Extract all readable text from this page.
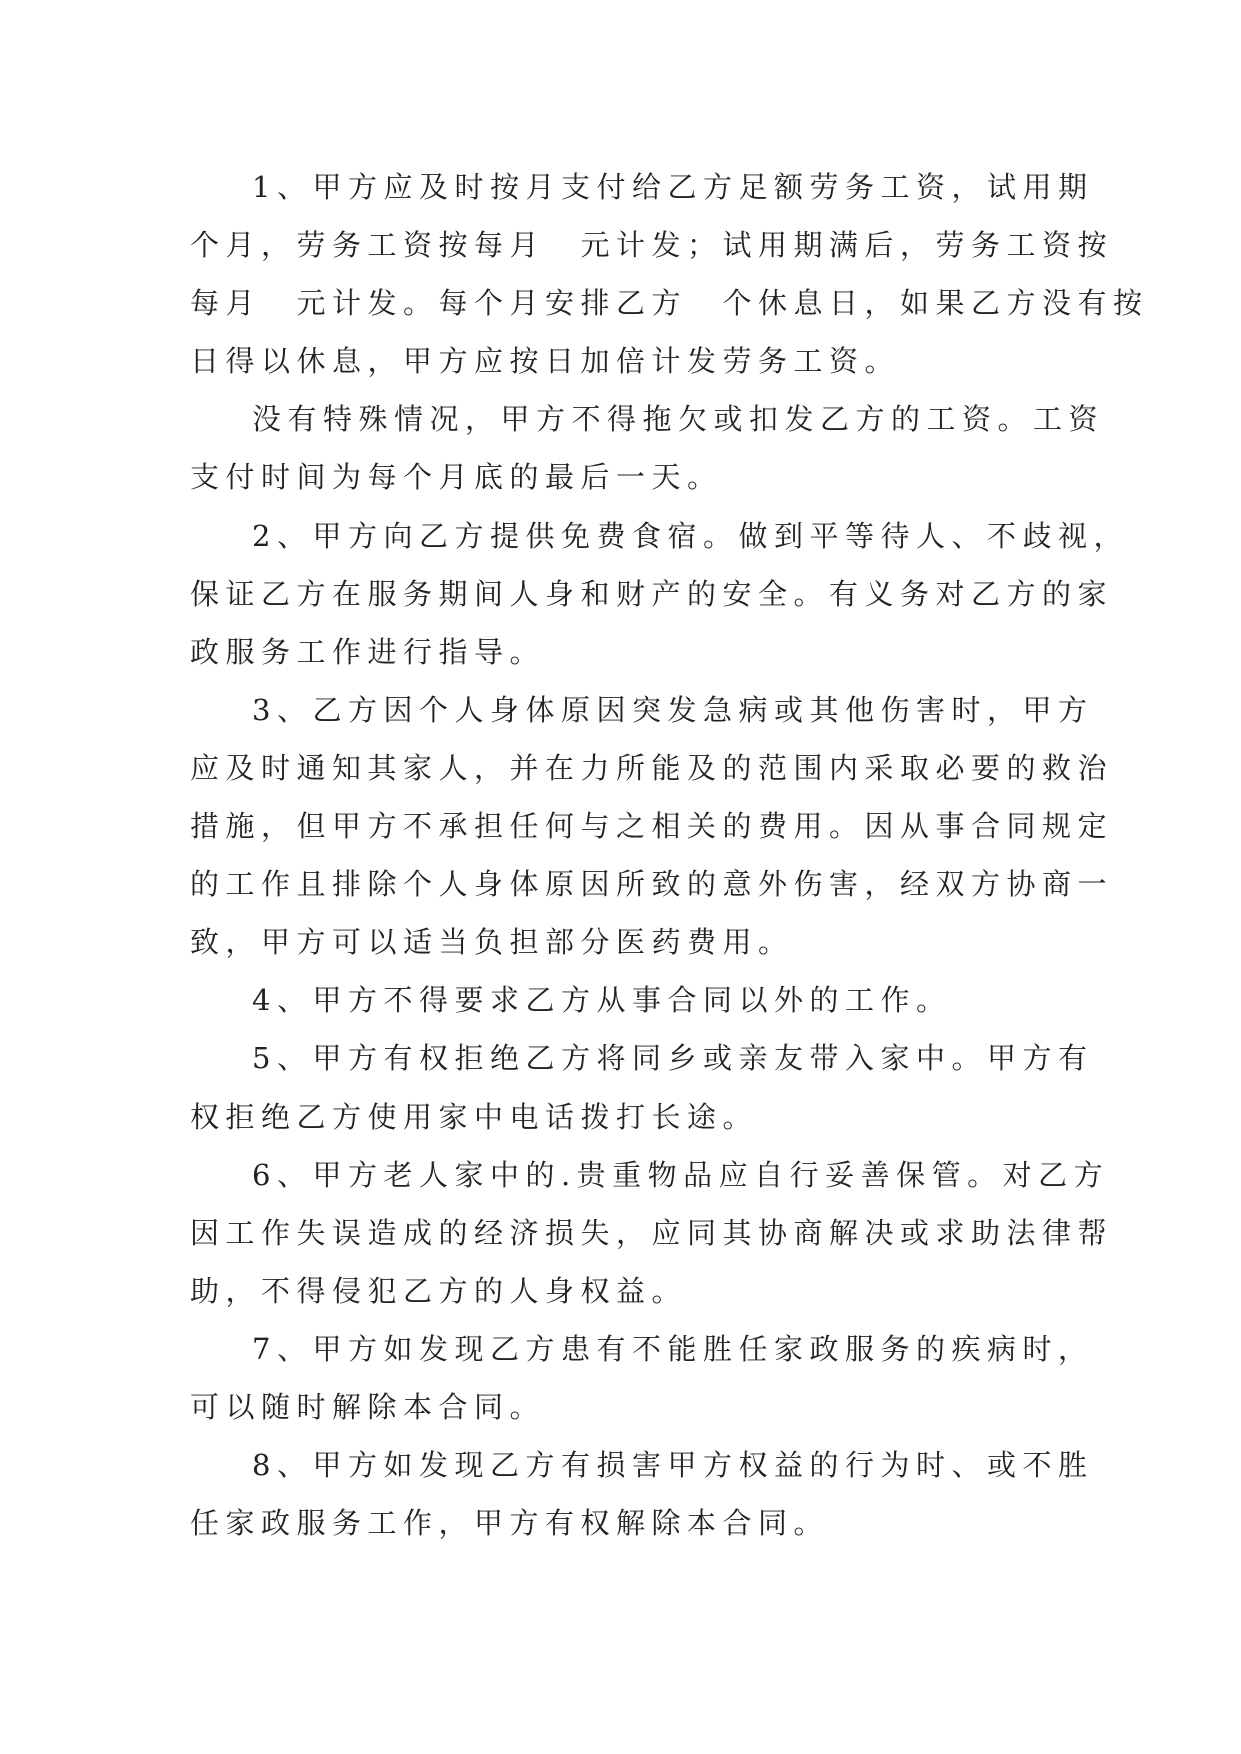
1、甲方应及时按月支付给乙方足额劳务工资，试用期
个月，劳务工资按每月　元计发；试用期满后，劳务工资按
每月　元计发。每个月安排乙方　个休息日，如果乙方没有按
日得以休息，甲方应按日加倍计发劳务工资。
没有特殊情况，甲方不得拖欠或扣发乙方的工资。工资
支付时间为每个月底的最后一天。
2、甲方向乙方提供免费食宿。做到平等待人、不歧视，
保证乙方在服务期间人身和财产的安全。有义务对乙方的家
政服务工作进行指导。
3、乙方因个人身体原因突发急病或其他伤害时，甲方
应及时通知其家人，并在力所能及的范围内采取必要的救治
措施，但甲方不承担任何与之相关的费用。因从事合同规定
的工作且排除个人身体原因所致的意外伤害，经双方协商一
致，甲方可以适当负担部分医药费用。
4、甲方不得要求乙方从事合同以外的工作。
5、甲方有权拒绝乙方将同乡或亲友带入家中。甲方有
权拒绝乙方使用家中电话拨打长途。
6、甲方老人家中的.贵重物品应自行妥善保管。对乙方
因工作失误造成的经济损失，应同其协商解决或求助法律帮
助，不得侵犯乙方的人身权益。
7、甲方如发现乙方患有不能胜任家政服务的疾病时，
可以随时解除本合同。
8、甲方如发现乙方有损害甲方权益的行为时、或不胜
任家政服务工作，甲方有权解除本合同。
